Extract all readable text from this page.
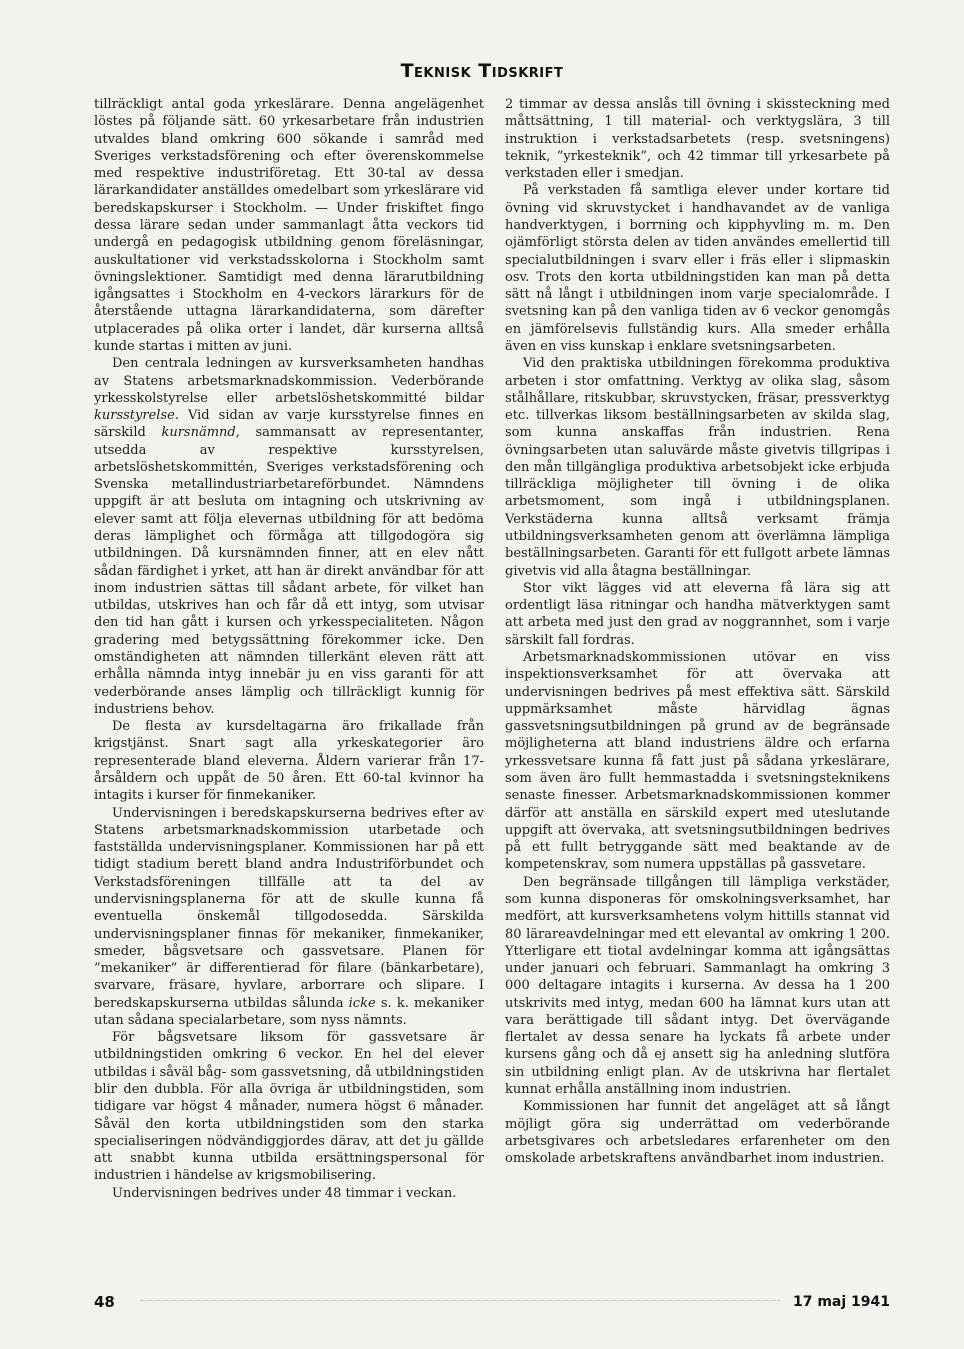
Teknisk Tidskrift

tillräckligt antal goda yrkeslärare. Denna angelägenhet löstes på följande sätt. 60 yrkesarbetare från industrien utvaldes bland omkring 600 sökande i samråd med Sveriges verkstadsförening och efter överenskommelse med respektive industriföretag. Ett 30-tal av dessa lärarkandidater anställdes omedelbart som yrkeslärare vid beredskapskurser i Stockholm. — Under friskiftet fingo dessa lärare sedan under sammanlagt åtta veckors tid undergå en pedagogisk utbildning genom föreläsningar, auskultationer vid verkstadsskolorna i Stockholm samt övningslektioner. Samtidigt med denna lärarutbildning igångsattes i Stockholm en 4-veckors lärarkurs för de återstående uttagna lärarkandidaterna, som därefter utplacerades på olika orter i landet, där kurserna alltså kunde startas i mitten av juni.

Den centrala ledningen av kursverksamheten handhas av Statens arbetsmarknadskommission. Vederbörande yrkesskolstyrelse eller arbetslöshetskommitté bildar kursstyrelse. Vid sidan av varje kursstyrelse finnes en särskild kursnämnd, sammansatt av representanter, utsedda av respektive kursstyrelsen, arbetslöshetskommittén, Sveriges verkstadsförening och Svenska metallindustriarbetareförbundet. Nämndens uppgift är att besluta om intagning och utskrivning av elever samt att följa elevernas utbildning för att bedöma deras lämplighet och förmåga att tillgodogöra sig utbildningen. Då kursnämnden finner, att en elev nått sådan färdighet i yrket, att han är direkt användbar för att inom industrien sättas till sådant arbete, för vilket han utbildas, utskrives han och får då ett intyg, som utvisar den tid han gått i kursen och yrkesspecialiteten. Någon gradering med betygssättning förekommer icke. Den omständigheten att nämnden tillerkänt eleven rätt att erhålla nämnda intyg innebär ju en viss garanti för att vederbörande anses lämplig och tillräckligt kunnig för industriens behov.

De flesta av kursdeltagarna äro frikallade från krigstjänst. Snart sagt alla yrkeskategorier äro representerade bland eleverna. Åldern varierar från 17-årsåldern och uppåt de 50 åren. Ett 60-tal kvinnor ha intagits i kurser för finmekaniker.

Undervisningen i beredskapskurserna bedrives efter av Statens arbetsmarknadskommission utarbetade och fastställda undervisningsplaner. Kommissionen har på ett tidigt stadium berett bland andra Industriförbundet och Verkstadsföreningen tillfälle att ta del av undervisningsplanerna för att de skulle kunna få eventuella önskemål tillgodosedda. Särskilda undervisningsplaner finnas för mekaniker, finmekaniker, smeder, bågsvetsare och gassvetsare. Planen för ”mekaniker” är differentierad för filare (bänkarbetare), svarvare, fräsare, hyvlare, arborrare och slipare. I beredskapskurserna utbildas sålunda icke s. k. mekaniker utan sådana specialarbetare, som nyss nämnts.

För bågsvetsare liksom för gassvetsare är utbildningstiden omkring 6 veckor. En hel del elever utbildas i såväl båg- som gassvetsning, då utbildningstiden blir den dubbla. För alla övriga är utbildningstiden, som tidigare var högst 4 månader, numera högst 6 månader. Såväl den korta utbildningstiden som den starka specialiseringen nödvändiggjordes därav, att det ju gällde att snabbt kunna utbilda ersättningspersonal för industrien i händelse av krigsmobilisering.

Undervisningen bedrives under 48 timmar i veckan.

2 timmar av dessa anslås till övning i skissteckning med måttsättning, 1 till material- och verktygslära, 3 till instruktion i verkstadsarbetets (resp. svetsningens) teknik, ”yrkesteknik”, och 42 timmar till yrkesarbete på verkstaden eller i smedjan.

På verkstaden få samtliga elever under kortare tid övning vid skruvstycket i handhavandet av de vanliga handverktygen, i borrning och kipphyvling m. m. Den ojämförligt största delen av tiden användes emellertid till specialutbildningen i svarv eller i fräs eller i slipmaskin osv. Trots den korta utbildningstiden kan man på detta sätt nå långt i utbildningen inom varje specialområde. I svetsning kan på den vanliga tiden av 6 veckor genomgås en jämförelsevis fullständig kurs. Alla smeder erhålla även en viss kunskap i enklare svetsningsarbeten.

Vid den praktiska utbildningen förekomma produktiva arbeten i stor omfattning. Verktyg av olika slag, såsom stålhållare, ritskubbar, skruvstycken, fräsar, pressverktyg etc. tillverkas liksom beställningsarbeten av skilda slag, som kunna anskaffas från industrien. Rena övningsarbeten utan saluvärde måste givetvis tillgripas i den mån tillgängliga produktiva arbetsobjekt icke erbjuda tillräckliga möjligheter till övning i de olika arbetsmoment, som ingå i utbildningsplanen. Verkstäderna kunna alltså verksamt främja utbildningsverksamheten genom att överlämna lämpliga beställningsarbeten. Garanti för ett fullgott arbete lämnas givetvis vid alla åtagna beställningar.

Stor vikt lägges vid att eleverna få lära sig att ordentligt läsa ritningar och handha mätverktygen samt att arbeta med just den grad av noggrannhet, som i varje särskilt fall fordras.

Arbetsmarknadskommissionen utövar en viss inspektionsverksamhet för att övervaka att undervisningen bedrives på mest effektiva sätt. Särskild uppmärksamhet måste härvidlag ägnas gassvetsningsutbildningen på grund av de begränsade möjligheterna att bland industriens äldre och erfarna yrkessvetsare kunna få fatt just på sådana yrkeslärare, som även äro fullt hemmastadda i svetsningsteknikens senaste finesser. Arbetsmarknadskommissionen kommer därför att anställa en särskild expert med uteslutande uppgift att övervaka, att svetsningsutbildningen bedrives på ett fullt betryggande sätt med beaktande av de kompetenskrav, som numera uppställas på gassvetare.

Den begränsade tillgången till lämpliga verkstäder, som kunna disponeras för omskolningsverksamhet, har medfört, att kursverksamhetens volym hittills stannat vid 80 lärareavdelningar med ett elevantal av omkring 1 200. Ytterligare ett tiotal avdelningar komma att igångsättas under januari och februari. Sammanlagt ha omkring 3 000 deltagare intagits i kurserna. Av dessa ha 1 200 utskrivits med intyg, medan 600 ha lämnat kurs utan att vara berättigade till sådant intyg. Det övervägande flertalet av dessa senare ha lyckats få arbete under kursens gång och då ej ansett sig ha anledning slutföra sin utbildning enligt plan. Av de utskrivna har flertalet kunnat erhålla anställning inom industrien.

Kommissionen har funnit det angeläget att så långt möjligt göra sig underrättad om vederbörande arbetsgivares och arbetsledares erfarenheter om den omskolade arbetskraftens användbarhet inom industrien.

48	17 maj 1941
